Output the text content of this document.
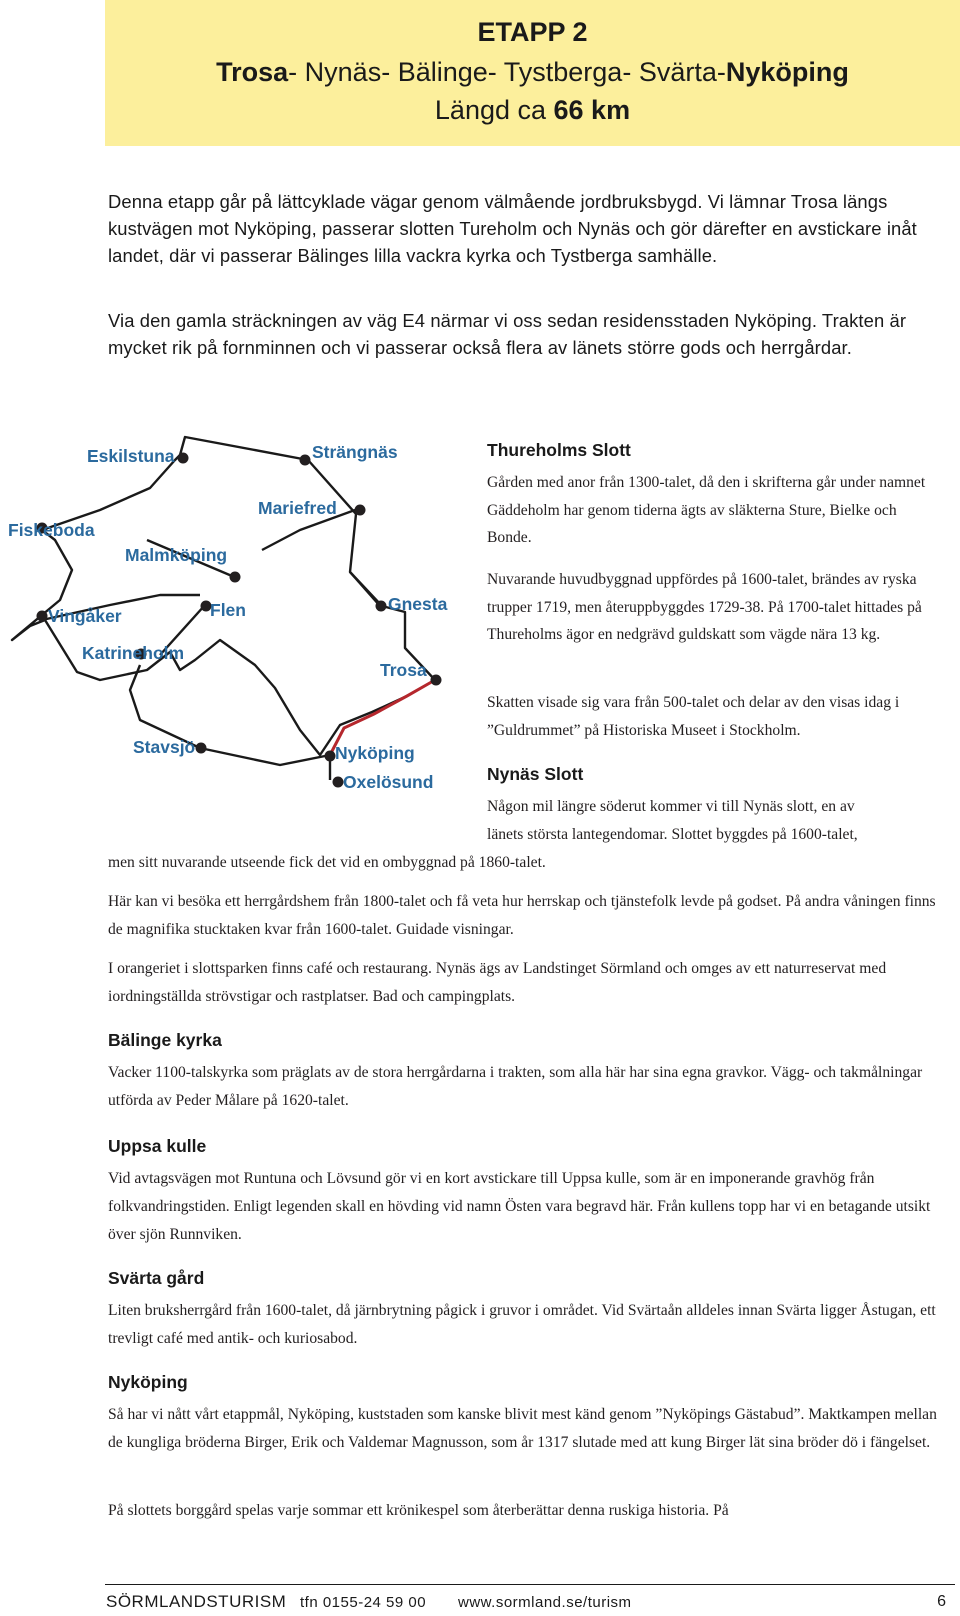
ETAPP 2
Trosa- Nynäs- Bälinge- Tystberga- Svärta-Nyköping
Längd ca 66 km

Denna etapp går på lättcyklade vägar genom välmående jordbruksbygd. Vi lämnar Trosa längs kustvägen mot Nyköping, passerar slotten Tureholm och Nynäs och gör därefter en avstickare inåt landet, där vi passerar Bälinges lilla vackra kyrka och Tystberga samhälle.

Via den gamla sträckningen av väg E4 närmar vi oss sedan residensstaden Nyköping. Trakten är mycket rik på fornminnen och vi passerar också flera av länets större gods och herrgårdar.

Eskilstuna	Strängnäs
Mariefred
Fiskeboda
Malmköping
Vingåker	Flen	Gnesta
Katrineholm
Trosa
Stavsjö	Nyköping
Oxelösund
Thureholms Slott

Gården med anor från 1300-talet, då den i skrifterna går under namnet Gäddeholm har genom tiderna ägts av släkterna Sture, Bielke och Bonde.

Nuvarande huvudbyggnad uppfördes på 1600-talet, brändes av ryska trupper 1719, men återuppbyggdes 1729-38. På 1700-talet hittades på Thureholms ägor en nedgrävd guldskatt som vägde nära 13 kg.

Skatten visade sig vara från 500-talet och delar av den visas idag i ”Guldrummet” på Historiska Museet i Stockholm.

Nynäs Slott

Någon mil längre söderut kommer vi till Nynäs slott, en av

länets största lantegendomar. Slottet byggdes på 1600-talet,

men sitt nuvarande utseende fick det vid en ombyggnad på 1860-talet.

Här kan vi besöka ett herrgårdshem från 1800-talet och få veta hur herrskap och tjänstefolk levde på godset. På andra våningen finns de magnifika stucktaken kvar från 1600-talet. Guidade visningar.

I orangeriet i slottsparken finns café och restaurang. Nynäs ägs av Landstinget Sörmland och omges av ett naturreservat med iordningställda strövstigar och rastplatser. Bad och campingplats.

Bälinge kyrka

Vacker 1100-talskyrka som präglats av de stora herrgårdarna i trakten, som alla här har sina egna gravkor. Vägg- och takmålningar utförda av Peder Målare på 1620-talet.

Uppsa kulle

Vid avtagsvägen mot Runtuna och Lövsund gör vi en kort avstickare till Uppsa kulle, som är en imponerande gravhög från folkvandringstiden. Enligt legenden skall en hövding vid namn Östen vara begravd här. Från kullens topp har vi en betagande utsikt över sjön Runnviken.

Svärta gård

Liten bruksherrgård från 1600-talet, då järnbrytning pågick i gruvor i området. Vid Svärtaån alldeles innan Svärta ligger Åstugan, ett trevligt café med antik- och kuriosabod.

Nyköping

Så har vi nått vårt etappmål, Nyköping, kuststaden som kanske blivit mest känd genom ”Nyköpings Gästabud”. Maktkampen mellan de kungliga bröderna Birger, Erik och Valdemar Magnusson, som år 1317 slutade med att kung Birger lät sina bröder dö i fängelset.

På slottets borggård spelas varje sommar ett krönikespel som återberättar denna ruskiga historia. På

SÖRMLANDSTURISM tfn 0155-24 59 00 www.sormland.se/turism	6
